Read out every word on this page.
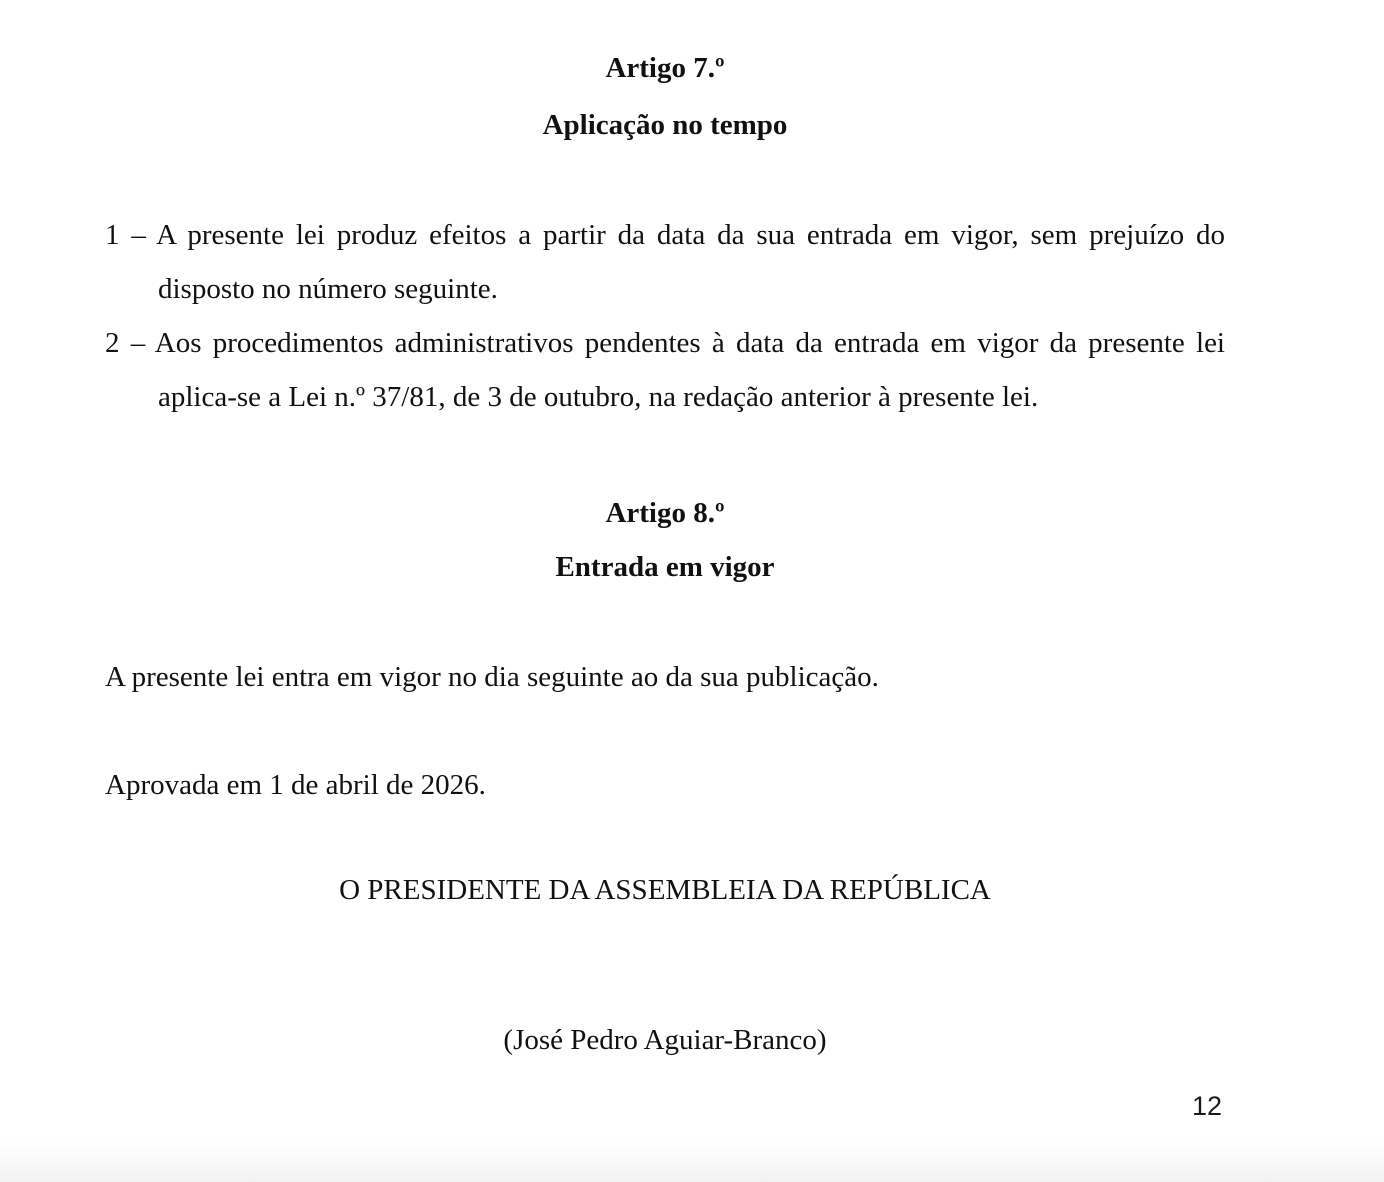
Artigo 7.º
Aplicação no tempo
1 – A presente lei produz efeitos a partir da data da sua entrada em vigor, sem prejuízo do disposto no número seguinte.
2 – Aos procedimentos administrativos pendentes à data da entrada em vigor da presente lei aplica-se a Lei n.º 37/81, de 3 de outubro, na redação anterior à presente lei.
Artigo 8.º
Entrada em vigor
A presente lei entra em vigor no dia seguinte ao da sua publicação.
Aprovada em 1 de abril de 2026.
O PRESIDENTE DA ASSEMBLEIA DA REPÚBLICA
(José Pedro Aguiar-Branco)
12
